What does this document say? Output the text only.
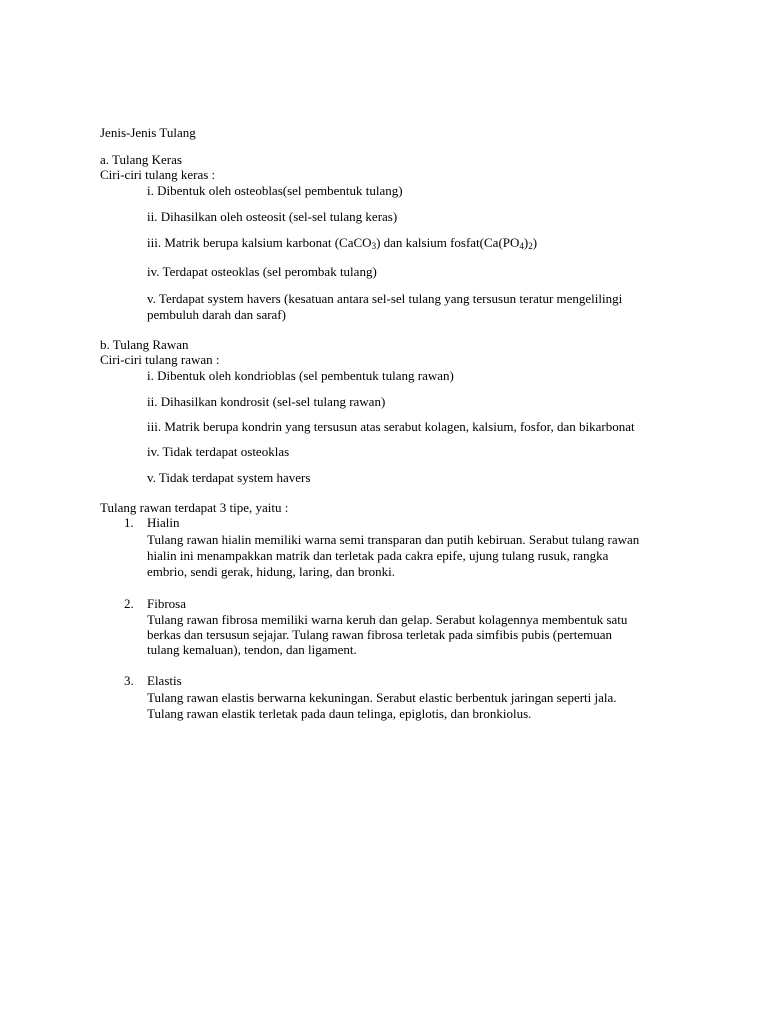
Jenis-Jenis Tulang
a. Tulang Keras
Ciri-ciri tulang keras :
i. Dibentuk oleh osteoblas(sel pembentuk tulang)
ii. Dihasilkan oleh osteosit (sel-sel tulang keras)
iii. Matrik berupa kalsium karbonat (CaCO$_3$) dan kalsium $fosfat(Ca(PO_4)_2)$
iv. Terdapat osteoklas (sel perombak tulang)
v. Terdapat system havers (kesatuan antara sel-sel tulang yang tersusun teratur mengelilingi
pembuluh darah dan saraf)
b. Tulang Rawan
Ciri-ciri tulang rawan :
i. Dibentuk oleh kondrioblas (sel pembentuk tulang rawan)
ii. Dihasilkan kondrosit (sel-sel tulang rawan)
iii. Matrik berupa kondrin yang tersusun atas serabut kolagen, kalsium, fosfor, dan bikarbonat
iv. Tidak terdapat osteoklas
v. Tidak terdapat system havers
Tulang rawan terdapat 3 tipe, yaitu :
1. Hialin
Tulang rawan hialin memiliki warna semi transparan dan putih kebiruan. Serabut tulang rawan
hialin ini menampakkan matrik dan terletak pada cakra epife, ujung tulang rusuk, rangka
embrio, sendi gerak, hidung, laring, dan bronki.
2. Fibrosa
Tulang rawan fibrosa memiliki warna keruh dan gelap. Serabut kolagennya membentuk satu
berkas dan tersusun sejajar. Tulang rawan fibrosa terletak pada simfibis pubis (pertemuan
tulang kemaluan), tendon, dan ligament.
3. Elastis
Tulang rawan elastis berwarna kekuningan. Serabut elastic berbentuk jaringan seperti jala.
Tulang rawan elastik terletak pada daun telinga, epiglotis, dan bronkiolus.
